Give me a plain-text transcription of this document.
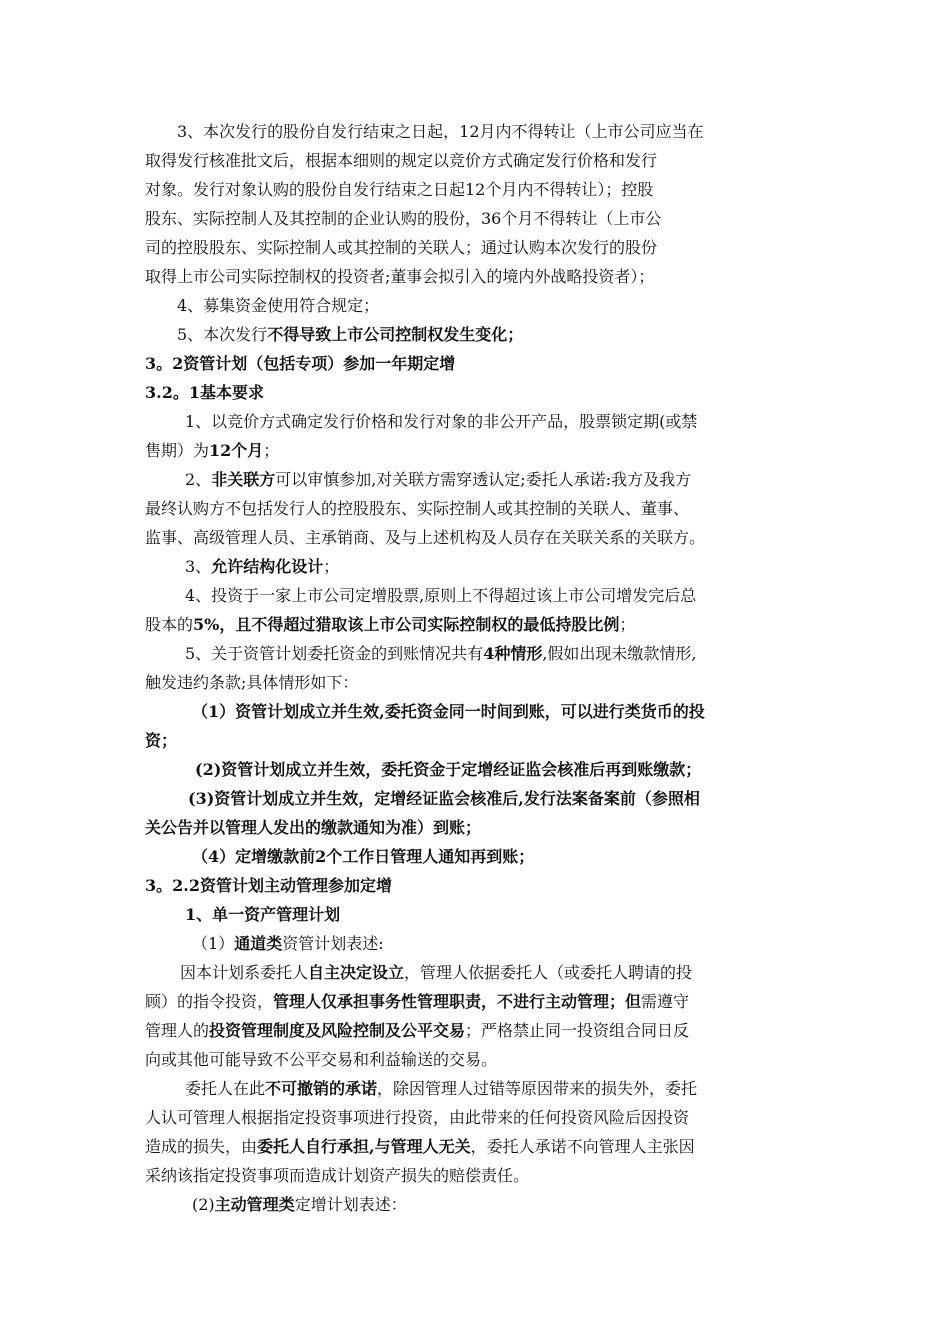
3、本次发行的股份自发行结束之日起，12月内不得转让（上市公司应当在
取得发行核准批文后，根据本细则的规定以竞价方式确定发行价格和发行
对象。发行对象认购的股份自发行结束之日起12个月内不得转让）；控股
股东、实际控制人及其控制的企业认购的股份，36个月不得转让（上市公
司的控股股东、实际控制人或其控制的关联人；通过认购本次发行的股份
取得上市公司实际控制权的投资者;董事会拟引入的境内外战略投资者）；
4、募集资金使用符合规定；
5、本次发行不得导致上市公司控制权发生变化；
3。2资管计划（包括专项）参加一年期定增
3.2。1基本要求
1、以竞价方式确定发行价格和发行对象的非公开产品，股票锁定期(或禁
售期）为12个月；
2、非关联方可以审慎参加,对关联方需穿透认定;委托人承诺:我方及我方
最终认购方不包括发行人的控股股东、实际控制人或其控制的关联人、董事、
监事、高级管理人员、主承销商、及与上述机构及人员存在关联关系的关联方。
3、允许结构化设计；
4、投资于一家上市公司定增股票,原则上不得超过该上市公司增发完后总
股本的5%，且不得超过猎取该上市公司实际控制权的最低持股比例；
5、关于资管计划委托资金的到账情况共有4种情形,假如出现未缴款情形,
触发违约条款;具体情形如下：
（1）资管计划成立并生效,委托资金同一时间到账，可以进行类货币的投
资；
(2)资管计划成立并生效，委托资金于定增经证监会核准后再到账缴款；
(3)资管计划成立并生效，定增经证监会核准后,发行法案备案前（参照相
关公告并以管理人发出的缴款通知为准）到账；
（4）定增缴款前2个工作日管理人通知再到账；
3。2.2资管计划主动管理参加定增
1、单一资产管理计划
（1）通道类资管计划表述:
因本计划系委托人自主决定设立，管理人依据委托人（或委托人聘请的投
顾）的指令投资，管理人仅承担事务性管理职责，不进行主动管理；但需遵守
管理人的投资管理制度及风险控制及公平交易；严格禁止同一投资组合同日反
向或其他可能导致不公平交易和利益输送的交易。
委托人在此不可撤销的承诺，除因管理人过错等原因带来的损失外，委托
人认可管理人根据指定投资事项进行投资，由此带来的任何投资风险后因投资
造成的损失，由委托人自行承担,与管理人无关，委托人承诺不向管理人主张因
采纳该指定投资事项而造成计划资产损失的赔偿责任。
(2)主动管理类定增计划表述：
